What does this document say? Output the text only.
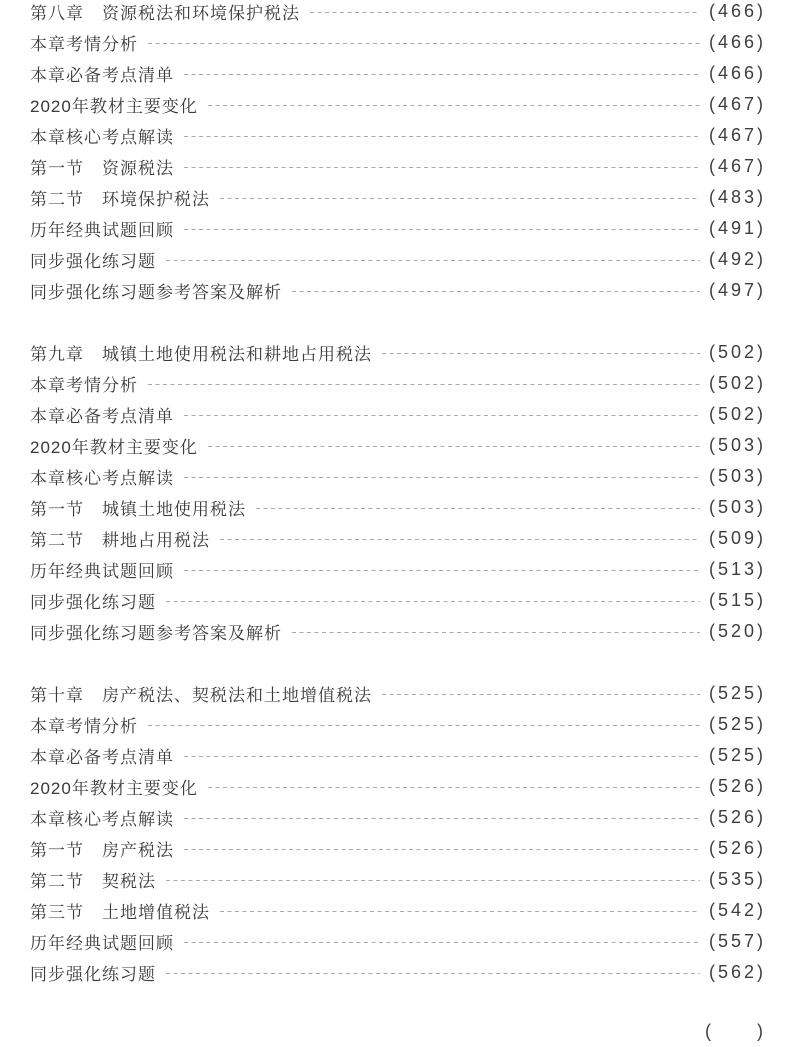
第八章　资源税法和环境保护税法	(466)
本章考情分析	(466)
本章必备考点清单	(466)
2020年教材主要变化	(467)
本章核心考点解读	(467)
第一节　资源税法	(467)
第二节　环境保护税法	(483)
历年经典试题回顾	(491)
同步强化练习题	(492)
同步强化练习题参考答案及解析	(497)
第九章　城镇土地使用税法和耕地占用税法	(502)
本章考情分析	(502)
本章必备考点清单	(502)
2020年教材主要变化	(503)
本章核心考点解读	(503)
第一节　城镇土地使用税法	(503)
第二节　耕地占用税法	(509)
历年经典试题回顾	(513)
同步强化练习题	(515)
同步强化练习题参考答案及解析	(520)
第十章　房产税法、契税法和土地增值税法	(525)
本章考情分析	(525)
本章必备考点清单	(525)
2020年教材主要变化	(526)
本章核心考点解读	(526)
第一节　房产税法	(526)
第二节　契税法	(535)
第三节　土地增值税法	(542)
历年经典试题回顾	(557)
同步强化练习题	(562)
(	)
